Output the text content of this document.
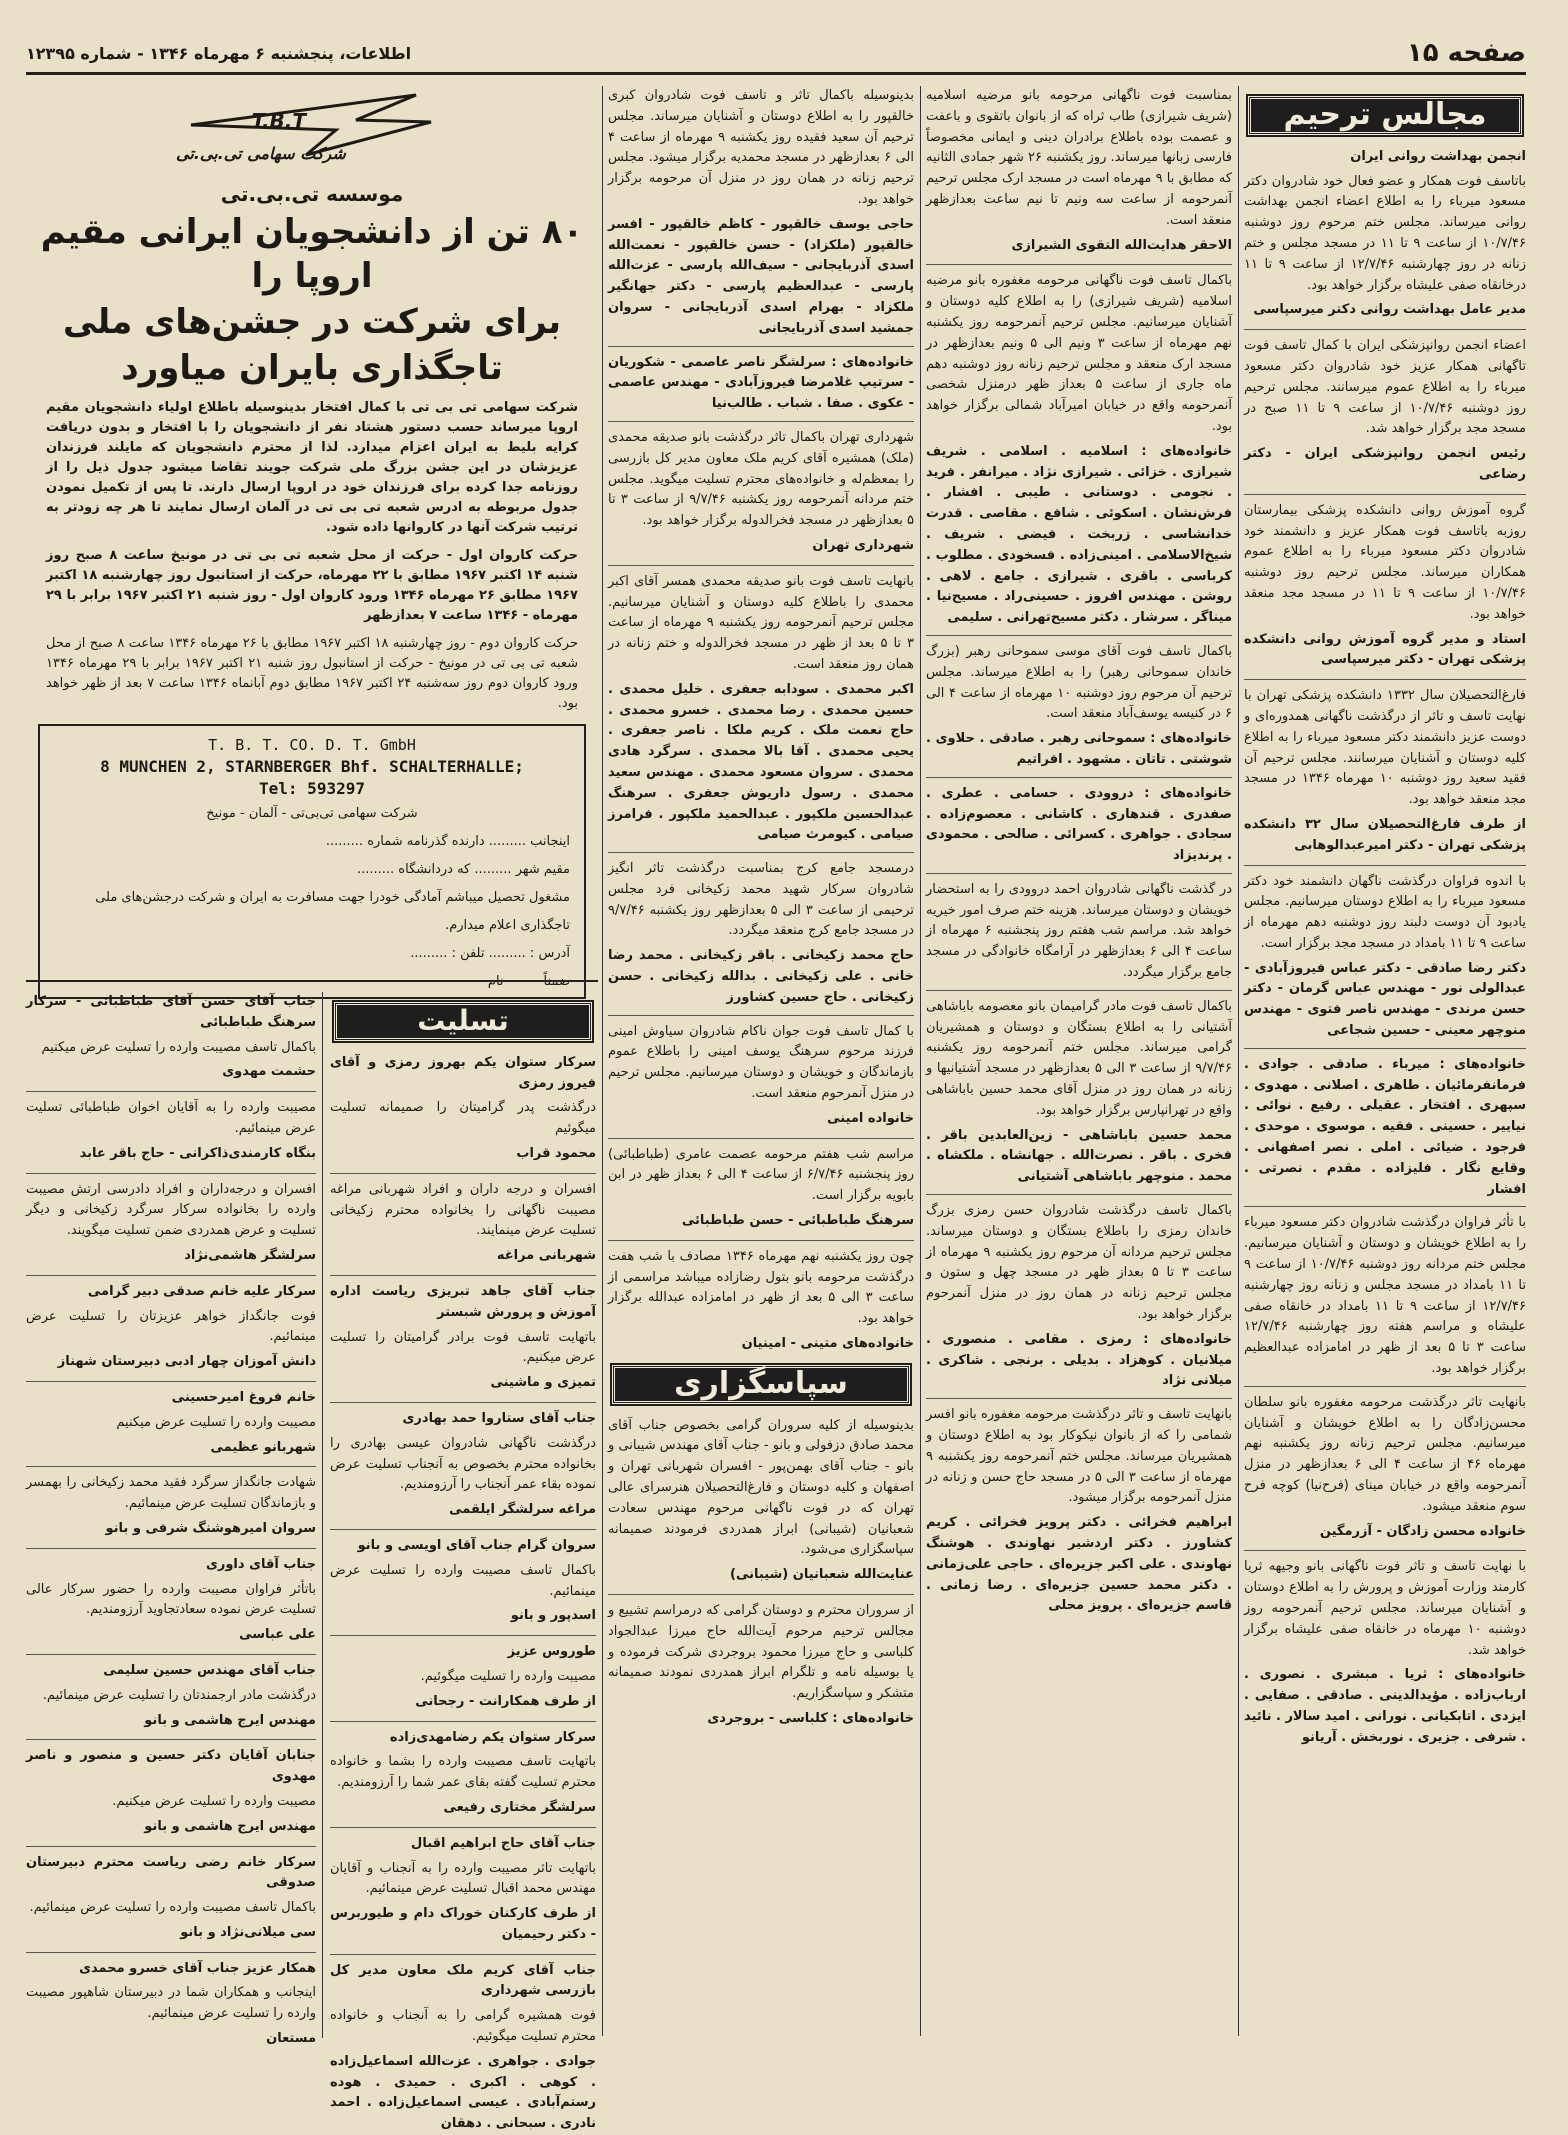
صفحه ۱۵
اطلاعات، پنجشنبه ۶ مهرماه ۱۳۴۶ - شماره ۱۲۳۹۵
مجالس ترحیم

انجمن بهداشت روانی ایران

باتاسف فوت همکار و عضو فعال خود شادروان دکتر مسعود میرباء را به اطلاع اعضاء انجمن بهداشت روانی میرساند. مجلس ختم مرحوم روز دوشنبه ۱۰/۷/۴۶ از ساعت ۹ تا ۱۱ در مسجد مجلس و ختم زنانه در روز چهارشنبه ۱۲/۷/۴۶ از ساعت ۹ تا ۱۱ درخانقاه صفی علیشاه برگزار خواهد بود.

مدیر عامل بهداشت روانی دکتر میرسپاسی

اعضاء انجمن روانپزشکی ایران با کمال تاسف فوت تاگهانی همکار عزیز خود شادروان دکتر مسعود میرباء را به اطلاع عموم میرسانند. مجلس ترحیم روز دوشنبه ۱۰/۷/۴۶ از ساعت ۹ تا ۱۱ صبح در مسجد مجد برگزار خواهد شد.

رئیس انجمن روانپزشکی ایران - دکتر رضاعی

گروه آموزش روانی دانشکده پزشکی بیمارستان روزبه باتاسف فوت همکار عزیز و دانشمند خود شادروان دکتر مسعود میرباء را به اطلاع عموم همکاران میرساند. مجلس ترحیم روز دوشنبه ۱۰/۷/۴۶ از ساعت ۹ تا ۱۱ در مسجد مجد منعقد خواهد بود.

استاد و مدیر گروه آموزش روانی دانشکده پزشکی تهران - دکتر میرسپاسی

فارغ‌التحصیلان سال ۱۳۳۲ دانشکده پزشکی تهران با نهایت تاسف و تاثر از درگذشت ناگهانی همدوره‌ای و دوست عزیز دانشمند دکتر مسعود میرباء را به اطلاع کلیه دوستان و آشنایان میرسانند. مجلس ترحیم آن فقید سعید روز دوشنبه ۱۰ مهرماه ۱۳۴۶ در مسجد مجد منعقد خواهد بود.

از طرف فارغ‌التحصیلان سال ۳۲ دانشکده پزشکی تهران - دکتر امیرعبدالوهابی

با اندوه فراوان درگذشت ناگهان دانشمند خود دکتر مسعود میرباء را به اطلاع دوستان میرسانیم. مجلس یادبود آن دوست دلبند روز دوشنبه دهم مهرماه از ساعت ۹ تا ۱۱ بامداد در مسجد مجد برگزار است.

دکتر رضا صادقی - دکتر عباس فیروزآبادی - عبدالولی نور - مهندس عباس گرمان - دکتر حسن مرندی - مهندس ناصر فتوی - مهندس منوچهر معینی - حسین شجاعی

خانواده‌های : میرباء . صادقی . جوادی . فرمانفرمائیان . طاهری . اصلانی . مهدوی . سپهری . افتخار . عقیلی . رفیع . نوائی . نیاییر . حسینی . فقیه . موسوی . موحدی . فرجود . ضیائی . املی . نصر اصفهانی . وقایع نگار . فلیزاده . مقدم . نصرتی . افشار

با تأثر فراوان درگذشت شادروان دکتر مسعود میرباء را به اطلاع خویشان و دوستان و آشنایان میرسانیم. مجلس ختم مردانه روز دوشنبه ۱۰/۷/۴۶ از ساعت ۹ تا ۱۱ بامداد در مسجد مجلس و زنانه روز چهارشنبه ۱۲/۷/۴۶ از ساعت ۹ تا ۱۱ بامداد در خانقاه صفی علیشاه و مراسم هفته روز چهارشنبه ۱۲/۷/۴۶ ساعت ۳ تا ۵ بعد از ظهر در امامزاده عبدالعظیم برگزار خواهد بود.

بانهایت تاثر درگذشت مرحومه مغفوره بانو سلطان محسن‌زادگان را به اطلاع خویشان و آشنایان میرسانیم. مجلس ترحیم زنانه روز یکشنبه نهم مهرماه ۴۶ از ساعت ۴ الی ۶ بعدازظهر در منزل آنمرحومه واقع در خیابان مینای (فرح‌نیا) کوچه فرح سوم منعقد میشود.

خانواده محسن زادگان - آزرمگین

با نهایت تاسف و تاثر فوت ناگهانی بانو وجیهه ثریا کارمند وزارت آموزش و پرورش را به اطلاع دوستان و آشنایان میرساند. مجلس ترحیم آنمرحومه روز دوشنبه ۱۰ مهرماه در خانقاه صفی علیشاه برگزار خواهد شد.

خانواده‌های : ثریا . مبشری . نصوری . ارباب‌زاده . مؤیدالدینی . صادقی . صفایی . ایزدی . اتابکیانی . نورانی . امید سالار . نائید . شرفی . جزیری . نوربخش . آریانو

بمناسبت فوت ناگهانی مرحومه بانو مرضیه اسلامیه (شریف شیرازی) طاب ثراه که از بانوان باتقوی و باعفت و عصمت بوده باطلاع برادران دینی و ایمانی مخصوصاً فارسی زبانها میرساند. روز یکشنبه ۲۶ شهر جمادی الثانیه که مطابق با ۹ مهرماه است در مسجد ارک مجلس ترحیم آنمرحومه از ساعت سه ونیم تا نیم ساعت بعدازظهر منعقد است.

الاحقر هدایت‌الله التقوی الشیرازی

باکمال تاسف فوت ناگهانی مرحومه مغفوره بانو مرضیه اسلامیه (شریف شیرازی) را به اطلاع کلیه دوستان و آشنایان میرسانیم. مجلس ترحیم آنمرحومه روز یکشنبه نهم مهرماه از ساعت ۳ ونیم الی ۵ ونیم بعدازظهر در مسجد ارک منعقد و مجلس ترحیم زنانه روز دوشنبه دهم ماه جاری از ساعت ۵ بعداز ظهر درمنزل شخصی آنمرحومه واقع در خیابان امیرآباد شمالی برگزار خواهد بود.

خانواده‌های : اسلامیه . اسلامی . شریف شیرازی . خزائی . شیرازی نژاد . میرانفر . فرید . نجومی . دوستانی . طیبی . افشار . فرش‌نشان . اسکوئی . شافع . مقاصی . قدرت خدانشاسی . زربخت . فیضی . شریف . شیخ‌الاسلامی . امینی‌زاده . فسخودی . مطلوب . کرباسی . باقری . شیرازی . جامع . لاهی . روشن . مهندس افروز . حسینی‌راد . مسیح‌نیا . میناگر . سرشار . دکتر مسیح‌تهرانی . سلیمی

باکمال تاسف فوت آقای موسی سموحانی رهبر (بزرگ خاندان سموحانی رهبر) را به اطلاع میرساند. مجلس ترحیم آن مرحوم روز دوشنبه ۱۰ مهرماه از ساعت ۴ الی ۶ در کنیسه یوسف‌آباد منعقد است.

خانواده‌های : سموحانی رهبر . صادقی . حلاوی . شوشتی . تاتان . مشهود . افراتیم

خانواده‌های : دروودی . حسامی . عطری . صفدری . قندهاری . کاشانی . معصوم‌زاده . سجادی . جواهری . کسرائی . صالحی . محمودی . پرندیزاد

در گذشت ناگهانی شادروان احمد دروودی را به استحضار خویشان و دوستان میرساند. هزینه ختم صرف امور خیریه خواهد شد. مراسم شب هفتم روز پنجشنبه ۶ مهرماه از ساعت ۴ الی ۶ بعدازظهر در آرامگاه خانوادگی در مسجد جامع برگزار میگردد.

باکمال تاسف فوت مادر گرامیمان بانو معصومه باباشاهی آشتیانی را به اطلاع بستگان و دوستان و همشیریان گرامی میرساند. مجلس ختم آنمرحومه روز یکشنبه ۹/۷/۴۶ از ساعت ۳ الی ۵ بعدازظهر در مسجد آشتیانیها و زنانه در همان روز در منزل آقای محمد حسین باباشاهی واقع در تهرانپارس برگزار خواهد بود.

محمد حسین باباشاهی - زین‌العابدین باقر . فخری . باقر . نصرت‌الله . جهانشاه . ملکشاه . محمد . منوچهر باباشاهی آشتیانی

باکمال تاسف درگذشت شادروان حسن رمزی بزرگ خاندان رمزی را باطلاع بستگان و دوستان میرساند. مجلس ترحیم مردانه آن مرحوم روز یکشنبه ۹ مهرماه از ساعت ۳ تا ۵ بعداز ظهر در مسجد چهل و ستون و مجلس ترحیم زنانه در همان روز در منزل آنمرحوم برگزار خواهد بود.

خانواده‌های : رمزی . مقامی . منصوری . میلانیان . کوهزاد . بدیلی . برنجی . شاکری . میلانی نژاد

بانهایت تاسف و تاثر درگذشت مرحومه مغفوره بانو افسر شمامی را که از بانوان نیکوکار بود به اطلاع دوستان و همشیریان میرساند. مجلس ختم آنمرحومه روز یکشنبه ۹ مهرماه از ساعت ۳ الی ۵ در مسجد حاج حسن و زنانه در منزل آنمرحومه برگزار میشود.

ابراهیم فخرائی . دکتر پرویز فخرائی . کریم کشاورز . دکتر اردشیر نهاوندی . هوشنگ نهاوندی . علی اکبر جزیره‌ای . حاجی علی‌زمانی . دکتر محمد حسین جزیره‌ای . رضا زمانی . قاسم جزیره‌ای . پرویز محلی

بدینوسیله باکمال تاثر و تاسف فوت شادروان کبری خالقپور را به اطلاع دوستان و آشنایان میرساند. مجلس ترحیم آن سعید فقیده روز یکشنبه ۹ مهرماه از ساعت ۴ الی ۶ بعدازظهر در مسجد محمدیه برگزار میشود. مجلس ترحیم زنانه در همان روز در منزل آن مرحومه برگزار خواهد بود.

حاجی یوسف خالقپور - کاظم خالقپور - افسر خالقپور (ملکزاد) - حسن خالقپور - نعمت‌الله اسدی آذربایجانی - سیف‌الله پارسی - عزت‌الله پارسی - عبدالعظیم پارسی - دکتر جهانگیر ملکزاد - بهرام اسدی آذربایجانی - سروان جمشید اسدی آذربایجانی

خانواده‌های : سرلشگر ناصر عاصمی - شکوریان - سرتیپ غلامرضا فیروزآبادی - مهندس عاصمی - عکوی . صفا . شباب . طالب‌نیا

شهرداری تهران باکمال تاثر درگذشت بانو صدیقه محمدی (ملک) همشیره آقای کریم ملک معاون مدیر کل بازرسی را بمعظم‌له و خانواده‌های محترم تسلیت میگوید. مجلس ختم مردانه آنمرحومه روز یکشنبه ۹/۷/۴۶ از ساعت ۳ تا ۵ بعدازظهر در مسجد فخرالدوله برگزار خواهد بود.

شهرداری تهران

بانهایت تاسف فوت بانو صدیقه محمدی همسر آقای اکبر محمدی را باطلاع کلیه دوستان و آشنایان میرسانیم. مجلس ترحیم آنمرحومه روز یکشنبه ۹ مهرماه از ساعت ۳ تا ۵ بعد از ظهر در مسجد فخرالدوله و ختم زنانه در همان روز منعقد است.

اکبر محمدی . سودابه جعفری . خلیل محمدی . حسین محمدی . رضا محمدی . خسرو محمدی . حاج نعمت ملک . کریم ملکا . ناصر جعفری . یحیی محمدی . آقا بالا محمدی . سرگرد هادی محمدی . سروان مسعود محمدی . مهندس سعید محمدی . رسول داریوش جعفری . سرهنگ عبدالحسین ملکپور . عبدالحمید ملکپور . فرامرز صیامی . کیومرث صیامی

درمسجد جامع کرج بمناسبت درگذشت تاثر انگیز شادروان سرکار شهید محمد زکیخانی فرد مجلس ترحیمی از ساعت ۳ الی ۵ بعدازظهر روز یکشنبه ۹/۷/۴۶ در مسجد جامع کرج منعقد میگردد.

حاج محمد زکیخانی . باقر زکیخانی . محمد رضا خانی . علی زکیخانی . بدالله زکیخانی . حسن زکیخانی . حاج حسین کشاورز

با کمال تاسف فوت جوان ناکام شادروان سیاوش امینی فرزند مرحوم سرهنگ یوسف امینی را باطلاع عموم بازماندگان و خویشان و دوستان میرسانیم. مجلس ترحیم در منزل آنمرحوم منعقد است.

خانواده امینی

مراسم شب هفتم مرحومه عصمت عامری (طباطبائی) روز پنجشنبه ۶/۷/۴۶ از ساعت ۴ الی ۶ بعداز ظهر در ابن بابویه برگزار است.

سرهنگ طباطبائی - حسن طباطبائی

چون روز یکشنبه نهم مهرماه ۱۳۴۶ مصادف با شب هفت درگذشت مرحومه بانو بتول رضازاده میباشد مراسمی از ساعت ۳ الی ۵ بعد از ظهر در امامزاده عبدالله برگزار خواهد بود.

خانواده‌های متینی - امینیان

سپاسگزاری

بدینوسیله از کلیه سروران گرامی بخصوص جناب آقای محمد صادق دزفولی و بانو - جناب آقای مهندس شیبانی و بانو - جناب آقای بهمن‌پور - افسران شهربانی تهران و اصفهان و کلیه دوستان و فارغ‌التحصیلان هنرسرای عالی تهران که در فوت ناگهانی مرحوم مهندس سعادت شعبانیان (شیبانی) ابراز همدردی فرمودند صمیمانه سپاسگزاری می‌شود.

عنایت‌الله شعبانیان (شیبانی)

از سروران محترم و دوستان گرامی که درمراسم تشییع و مجالس ترحیم مرحوم آیت‌الله حاج میرزا عبدالجواد کلباسی و حاج میرزا محمود بروجردی شرکت فرموده و یا بوسیله نامه و تلگرام ابراز همدردی نمودند صمیمانه متشکر و سپاسگزاریم.

خانواده‌های : کلباسی - بروجردی

T.B.T
شرکت سهامی تی.بی.تی
موسسه تی.بی.تی
۸۰ تن از دانشجویان ایرانی مقیم اروپا را
برای شرکت در جشن‌های ملی
تاجگذاری بایران میاورد
شرکت سهامی تی بی تی با کمال افتخار بدینوسیله باطلاع اولیاء دانشجویان مقیم اروپا میرساند حسب دستور هشتاد نفر از دانشجویان را با افتخار و بدون دریافت کرایه بلیط به ایران اعزام میدارد. لذا از محترم دانشجویان که مایلند فرزندان عزیزشان در این جشن بزرگ ملی شرکت جویند تقاضا میشود جدول ذیل را از روزنامه جدا کرده برای فرزندان خود در اروپا ارسال دارند. تا پس از تکمیل نمودن جدول مربوطه به ادرس شعبه تی بی تی در آلمان ارسال نمایند تا هر چه زودتر به ترتیب شرکت آنها در کاروانها داده شود.
حرکت کاروان اول - حرکت از محل شعبه تی بی تی در مونیخ ساعت ۸ صبح روز شنبه ۱۴ اکتبر ۱۹۶۷ مطابق با ۲۲ مهرماه، حرکت از استانبول روز چهارشنبه ۱۸ اکتبر ۱۹۶۷ مطابق ۲۶ مهرماه ۱۳۴۶ ورود کاروان اول - روز شنبه ۲۱ اکتبر ۱۹۶۷ برابر با ۲۹ مهرماه - ۱۳۴۶ ساعت ۷ بعدازظهر
حرکت کاروان دوم - روز چهارشنبه ۱۸ اکتبر ۱۹۶۷ مطابق با ۲۶ مهرماه ۱۳۴۶ ساعت ۸ صبح از محل شعبه تی بی تی در مونیخ - حرکت از استانبول روز شنبه ۲۱ اکتبر ۱۹۶۷ برابر با ۲۹ مهرماه ۱۳۴۶ ورود کاروان دوم روز سه‌شنبه ۲۴ اکتبر ۱۹۶۷ مطابق دوم آبانماه ۱۳۴۶ ساعت ۷ بعد از ظهر خواهد بود.
T. B. T. CO. D. T. GmbH
8 MUNCHEN 2, STARNBERGER Bhf. SCHALTERHALLE;
Tel: 593297
شرکت سهامی تی‌بی‌تی - آلمان - مونیخ
اینجانب ......... دارنده گذرنامه شماره .........
مقیم شهر ......... که دردانشگاه .........
مشغول تحصیل میباشم آمادگی خودرا جهت مسافرت به ایران و شرکت درجشن‌های ملی تاجگذاری اعلام میدارم.
آدرس : ......... تلفن : .........
ضمناً
نام
تسلیت

سرکار ستوان یکم بهروز رمزی و آقای فیروز رمزی

درگذشت پدر گرامیتان را صمیمانه تسلیت میگوئیم

محمود قراب

افسران و درجه داران و افراد شهربانی مراغه مصیبت ناگهانی را بخانواده محترم زکیخانی تسلیت عرض مینمایند.

شهربانی مراغه

جناب آقای جاهد تبریزی ریاست اداره آموزش و پرورش شبستر

باتهایت تاسف فوت برادر گرامیتان را تسلیت عرض میکنیم.

تمیزی و ماشینی

جناب آقای ستاروا حمد بهادری

درگذشت ناگهانی شادروان عیسی بهادری را بخانواده محترم بخصوص به آنجناب تسلیت عرض نموده بقاء عمر آنجناب را آرزومندیم.

مراغه سرلشگر ایلقمی

سروان گرام جناب آقای اویسی و بانو

باکمال تاسف مصیبت وارده را تسلیت عرض مینمائیم.

اسدپور و بانو

طوروس عزیز

مصیبت وارده را تسلیت میگوئیم.

از طرف همکارانت - رجحانی

سرکار ستوان یکم رضامهدی‌زاده

باتهایت تاسف مصیبت وارده را بشما و خانواده محترم تسلیت گفته بقای عمر شما را آرزومندیم.

سرلشگر مختاری رفیعی

جناب آقای حاج ابراهیم اقبال

باتهایت تاثر مصیبت وارده را به آنجناب و آقایان مهندس محمد اقبال تسلیت عرض مینمائیم.

از طرف کارکنان خوراک دام و طیوربرس - دکتر رحیمیان

جناب آقای کریم ملک معاون مدیر کل بازرسی شهرداری

فوت همشیره گرامی را به آنجناب و خانواده محترم تسلیت میگوئیم.

جوادی . جواهری . عزت‌الله اسماعیل‌زاده . کوهی . اکبری . حمیدی . هوده رستم‌آبادی . عیسی اسماعیل‌زاده . احمد نادری . سبحانی . دهقان

جناب آقای حسن آقای طباطبائی - سرکار سرهنگ طباطبائی

باکمال تاسف مصیبت وارده را تسلیت عرض میکنیم

حشمت مهدوی

مصیبت وارده را به آقایان اخوان طباطبائی تسلیت عرض مینمائیم.

بنگاه کارمندی‌ذاکرانی - حاج باقر عابد

افسران و درجه‌داران و افراد دادرسی ارتش مصیبت وارده را بخانواده سرکار سرگرد زکیخانی و دیگر تسلیت و عرض همدردی ضمن تسلیت میگویند.

سرلشگر هاشمی‌نژاد

سرکار علیه خانم صدقی دبیر گرامی

فوت جانگداز خواهر عزیزتان را تسلیت عرض مینمائیم.

دانش آموزان چهار ادبی دبیرستان شهناز

خانم فروغ امیرحسینی

مصیبت وارده را تسلیت عرض میکنیم

شهربانو عظیمی

شهادت جانگداز سرگرد فقید محمد زکیخانی را بهمسر و بازماندگان تسلیت عرض مینمائیم.

سروان امیرهوشنگ شرفی و بانو

جناب آقای داوری

باتأثر فراوان مصیبت وارده را حضور سرکار عالی تسلیت عرض نموده سعادتجاوید آرزومندیم.

علی عباسی

جناب آقای مهندس حسین سلیمی

درگذشت مادر ارجمندتان را تسلیت عرض مینمائیم.

مهندس ایرج هاشمی و بانو

جنابان آقایان دکتر حسین و منصور و ناصر مهدوی

مصیبت وارده را تسلیت عرض میکنیم.

مهندس ایرج هاشمی و بانو

سرکار خانم رضی ریاست محترم دبیرستان صدوقی

باکمال تاسف مصیبت وارده را تسلیت عرض مینمائیم.

سی میلانی‌نژاد و بانو

همکار عزیز جناب آقای خسرو محمدی

اینجانب و همکاران شما در دبیرستان شاهپور مصیبت وارده را تسلیت عرض مینمائیم.

مستعان
